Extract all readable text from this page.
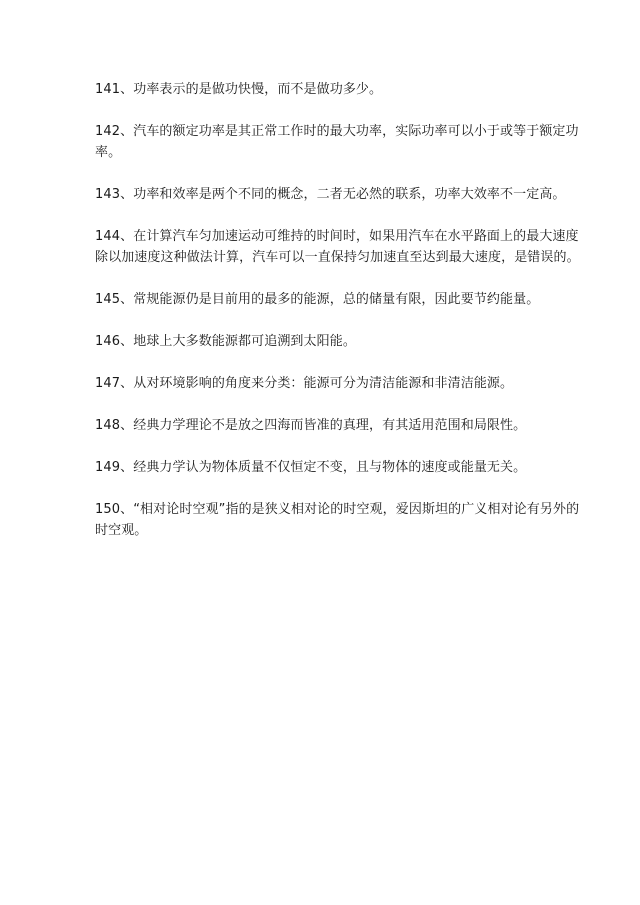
141、功率表示的是做功快慢，而不是做功多少。

142、汽车的额定功率是其正常工作时的最大功率，实际功率可以小于或等于额定功率。

143、功率和效率是两个不同的概念，二者无必然的联系，功率大效率不一定高。

144、在计算汽车匀加速运动可维持的时间时，如果用汽车在水平路面上的最大速度除以加速度这种做法计算，汽车可以一直保持匀加速直至达到最大速度，是错误的。

145、常规能源仍是目前用的最多的能源，总的储量有限，因此要节约能量。

146、地球上大多数能源都可追溯到太阳能。

147、从对环境影响的角度来分类：能源可分为清洁能源和非清洁能源。

148、经典力学理论不是放之四海而皆准的真理，有其适用范围和局限性。

149、经典力学认为物体质量不仅恒定不变，且与物体的速度或能量无关。

150、“相对论时空观”指的是狭义相对论的时空观，爱因斯坦的广义相对论有另外的时空观。
